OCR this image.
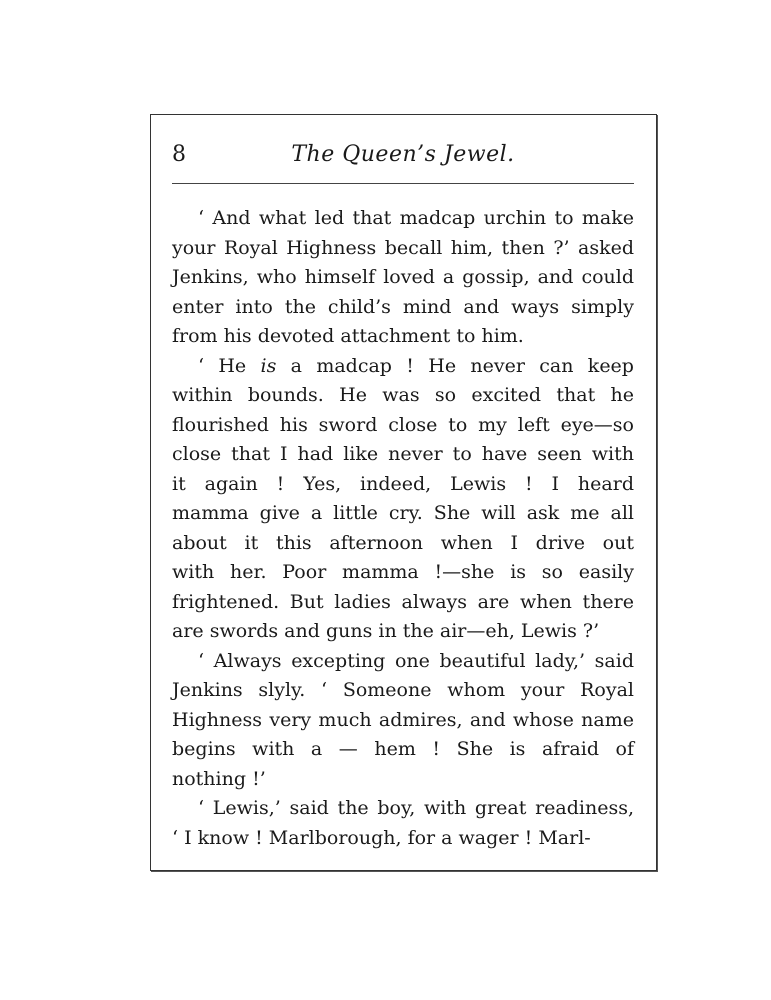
8	The Queen’s Jewel.
‘ And what led that madcap urchin to make
your Royal Highness becall him, then ?’ asked
Jenkins, who himself loved a gossip, and could
enter into the child’s mind and ways simply
from his devoted attachment to him.
‘ He is a madcap ! He never can keep
within bounds. He was so excited that he
flourished his sword close to my left eye—so
close that I had like never to have seen with
it again ! Yes, indeed, Lewis ! I heard
mamma give a little cry. She will ask me all
about it this afternoon when I drive out
with her. Poor mamma !—she is so easily
frightened. But ladies always are when there
are swords and guns in the air—eh, Lewis ?’
‘ Always excepting one beautiful lady,’ said
Jenkins slyly. ‘ Someone whom your Royal
Highness very much admires, and whose name
begins with a — hem ! She is afraid of
nothing !’
‘ Lewis,’ said the boy, with great readiness,
‘ I know ! Marlborough, for a wager ! Marl-
